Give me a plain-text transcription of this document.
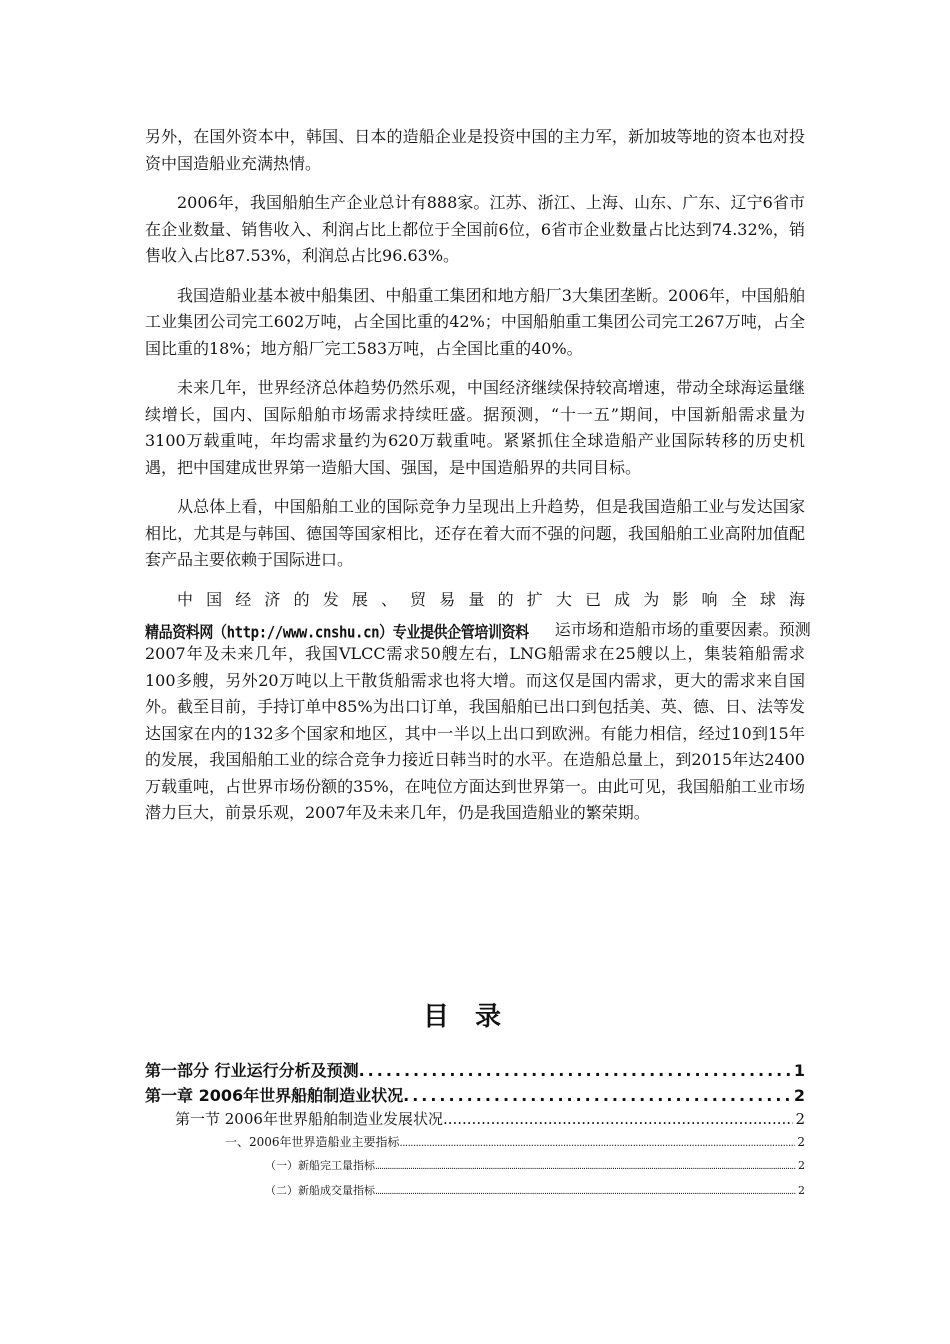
另外，在国外资本中，韩国、日本的造船企业是投资中国的主力军，新加坡等地的资本也对投资中国造船业充满热情。

2006年，我国船舶生产企业总计有888家。江苏、浙江、上海、山东、广东、辽宁6省市在企业数量、销售收入、利润占比上都位于全国前6位，6省市企业数量占比达到74.32%，销售收入占比87.53%，利润总占比96.63%。

我国造船业基本被中船集团、中船重工集团和地方船厂3大集团垄断。2006年，中国船舶工业集团公司完工602万吨，占全国比重的42%；中国船舶重工集团公司完工267万吨，占全国比重的18%；地方船厂完工583万吨，占全国比重的40%。

未来几年，世界经济总体趋势仍然乐观，中国经济继续保持较高增速，带动全球海运量继续增长，国内、国际船舶市场需求持续旺盛。据预测，“十一五”期间，中国新船需求量为3100万载重吨，年均需求量约为620万载重吨。紧紧抓住全球造船产业国际转移的历史机遇，把中国建成世界第一造船大国、强国，是中国造船界的共同目标。

从总体上看，中国船舶工业的国际竞争力呈现出上升趋势，但是我国造船工业与发达国家相比，尤其是与韩国、德国等国家相比，还存在着大而不强的问题，我国船舶工业高附加值配套产品主要依赖于国际进口。

中国经济的发展、贸易量的扩大已成为影响全球海

精品资料网（http://www.cnshu.cn）专业提供企管培训资料 运市场和造船市场的重要因素。预测

2007年及未来几年，我国VLCC需求50艘左右，LNG船需求在25艘以上，集装箱船需求100多艘，另外20万吨以上干散货船需求也将大增。而这仅是国内需求，更大的需求来自国外。截至目前，手持订单中85%为出口订单，我国船舶已出口到包括美、英、德、日、法等发达国家在内的132多个国家和地区，其中一半以上出口到欧洲。有能力相信，经过10到15年的发展，我国船舶工业的综合竞争力接近日韩当时的水平。在造船总量上，到2015年达2400万载重吨，占世界市场份额的35%，在吨位方面达到世界第一。由此可见，我国船舶工业市场潜力巨大，前景乐观，2007年及未来几年，仍是我国造船业的繁荣期。

目录
第一部分 行业运行分析及预测 .....	1
第一章 2006年世界船舶制造业状况 .....	2
第一节 2006年世界船舶制造业发展状况 .....	2
一、2006年世界造船业主要指标 .....	2
（一）新船完工量指标 .....	2
（二）新船成交量指标 .....	2
